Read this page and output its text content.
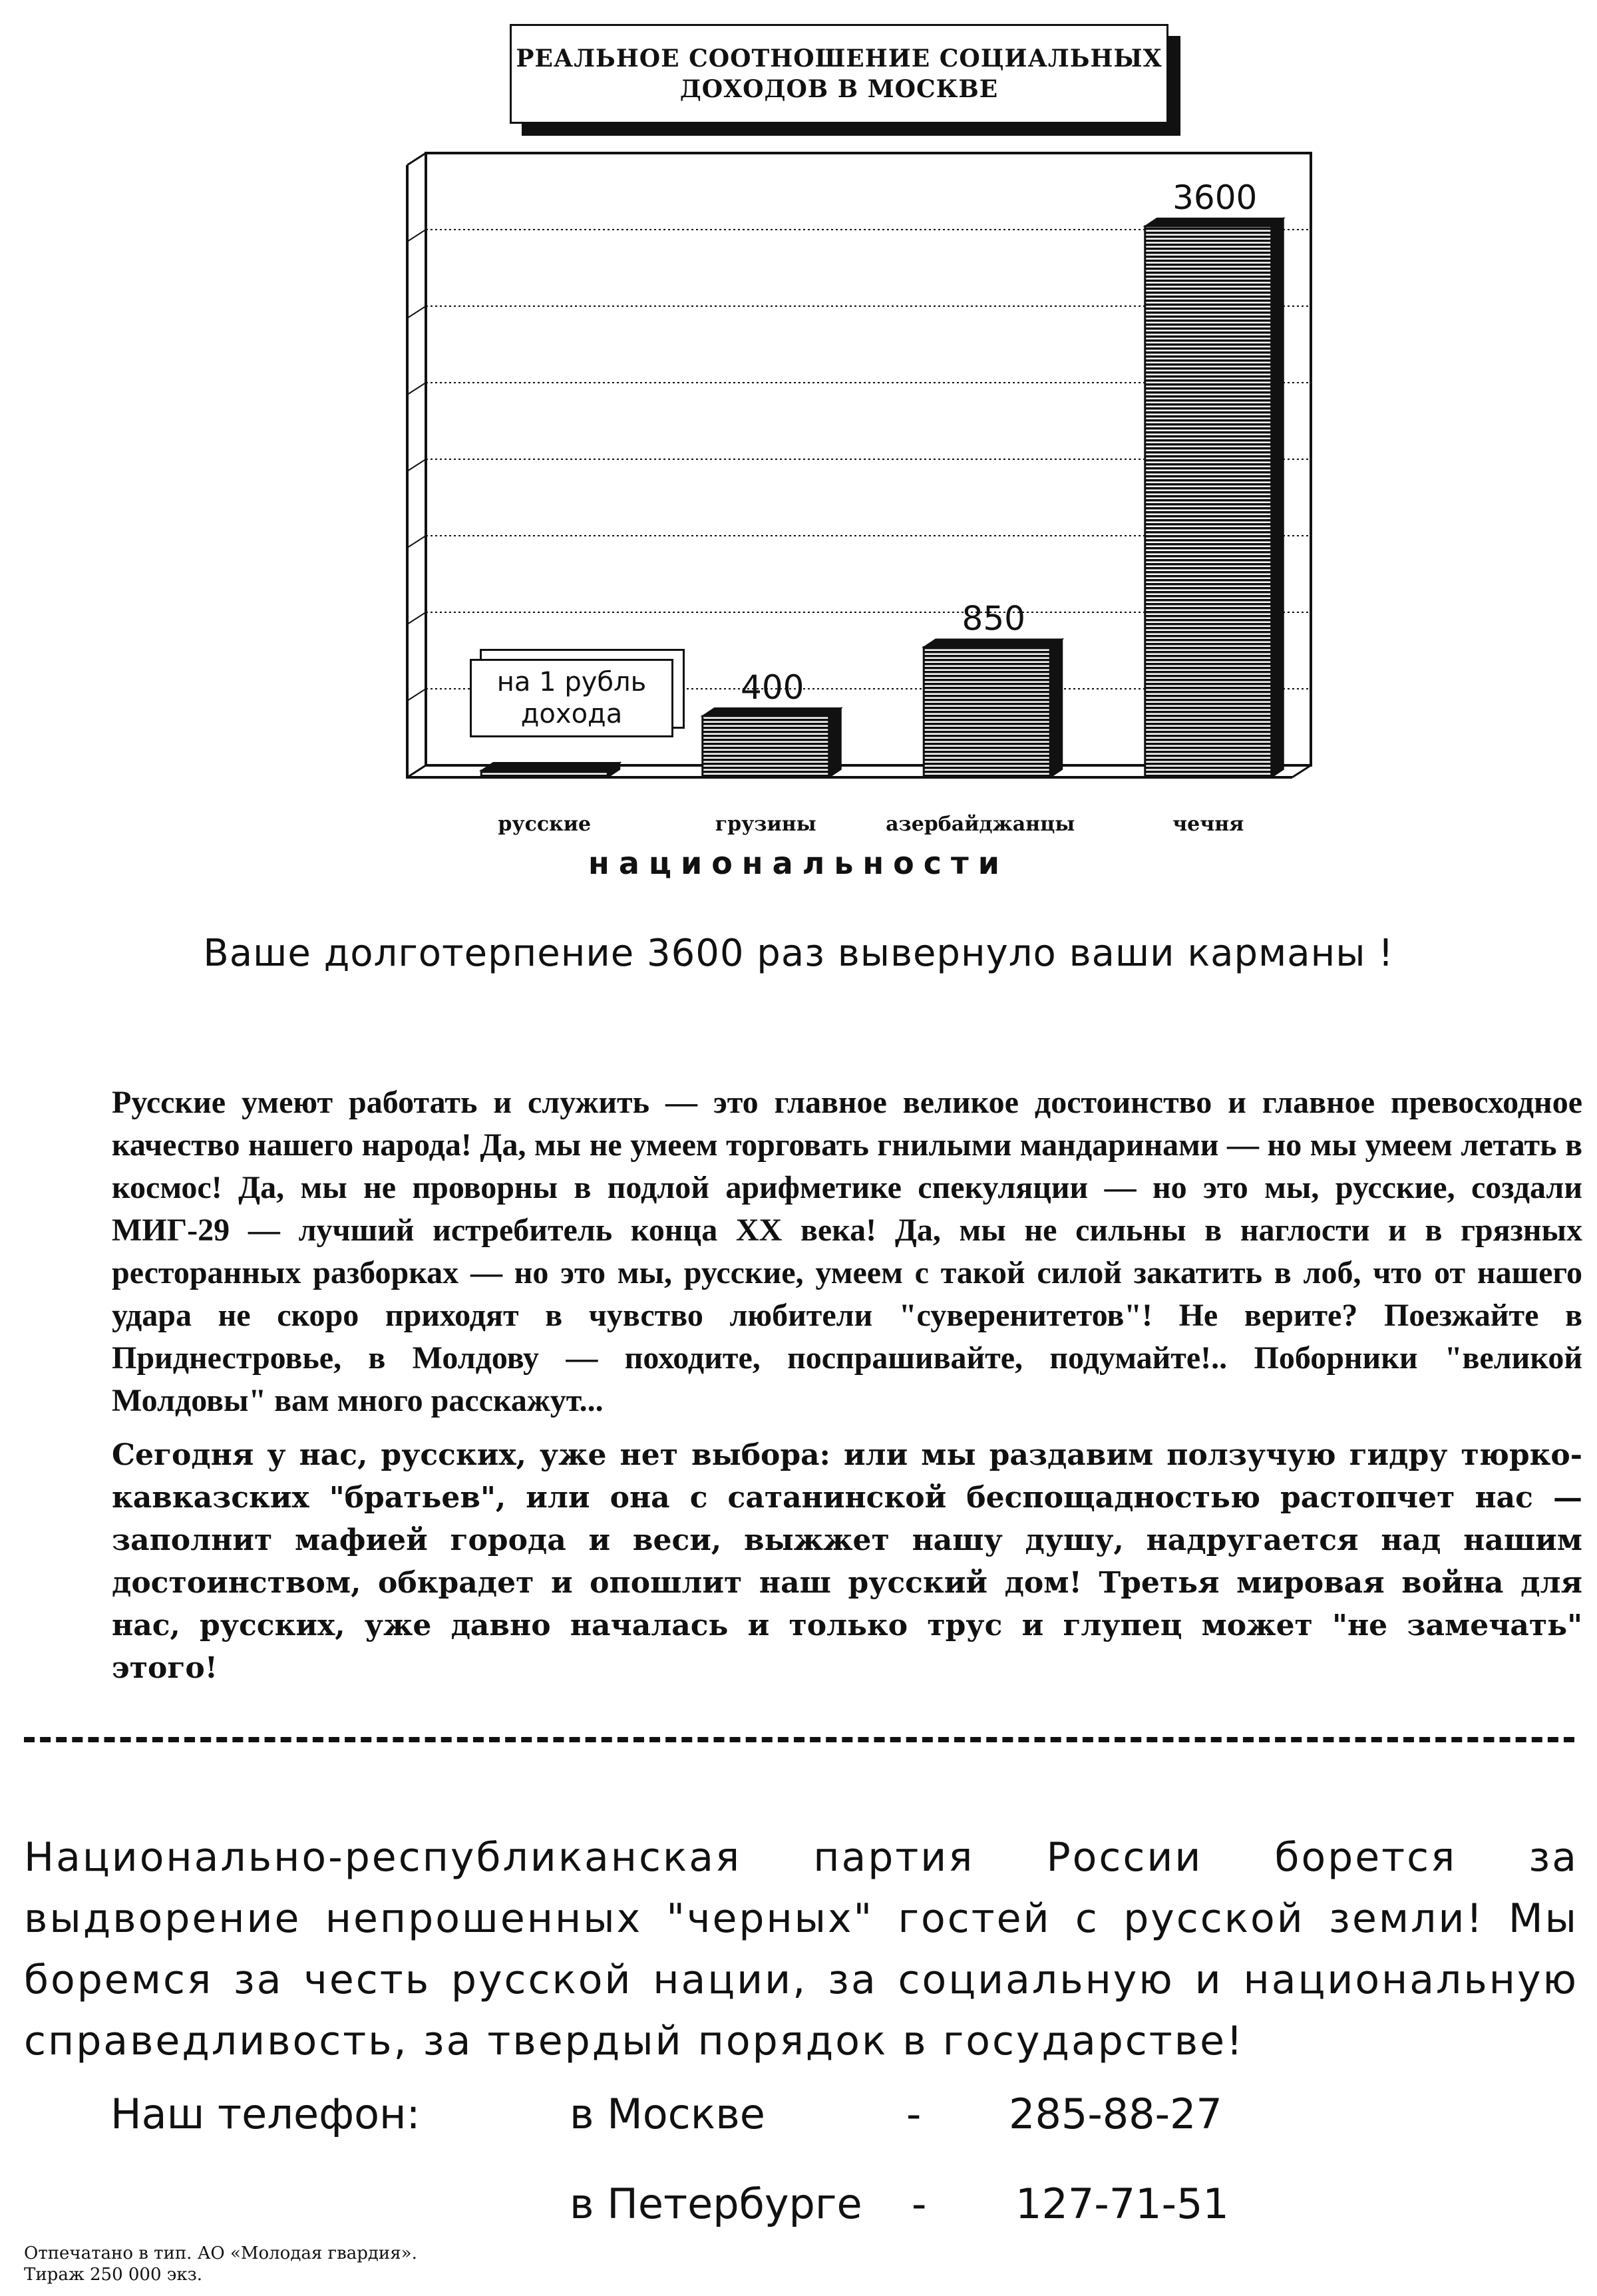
РЕАЛЬНОЕ СООТНОШЕНИЕ СОЦИАЛЬНЫХ
ДОХОДОВ В МОСКВЕ
400
850
3600
русские	грузины	азербайджанцы	чечня
на 1 рубль дохода
национальности
Ваше долготерпение 3600 раз вывернуло ваши карманы !

Русские умеют работать и служить — это главное великое достоинство и главное превосходное качество нашего народа! Да, мы не умеем торговать гнилыми мандаринами — но мы умеем летать в космос! Да, мы не проворны в подлой арифметике спекуляции — но это мы, русские, создали МИГ-29 — лучший истребитель конца XX века! Да, мы не сильны в наглости и в грязных ресторанных разборках — но это мы, русские, умеем с такой силой закатить в лоб, что от нашего удара не скоро приходят в чувство любители "суверенитетов"! Не верите? Поезжайте в Приднестровье, в Молдову — походите, поспрашивайте, подумайте!.. Поборники "великой Молдовы" вам много расскажут...

Сегодня у нас, русских, уже нет выбора: или мы раздавим ползучую гидру тюрко-кавказских "братьев", или она с сатанинской беспощадностью растопчет нас — заполнит мафией города и веси, выжжет нашу душу, надругается над нашим достоинством, обкрадет и опошлит наш русский дом! Третья мировая война для нас, русских, уже давно началась и только трус и глупец может "не замечать" этого!

Национально-республиканская партия России борется за выдворение непрошенных "черных" гостей с русской земли! Мы боремся за честь русской нации, за социальную и национальную справедливость, за твердый порядок в государстве!

Наш телефон:	в Москве	- 285-88-27
в Петербурге - 127-71-51
Отпечатано в тип. АО «Молодая гвардия».
Тираж 250 000 экз.
